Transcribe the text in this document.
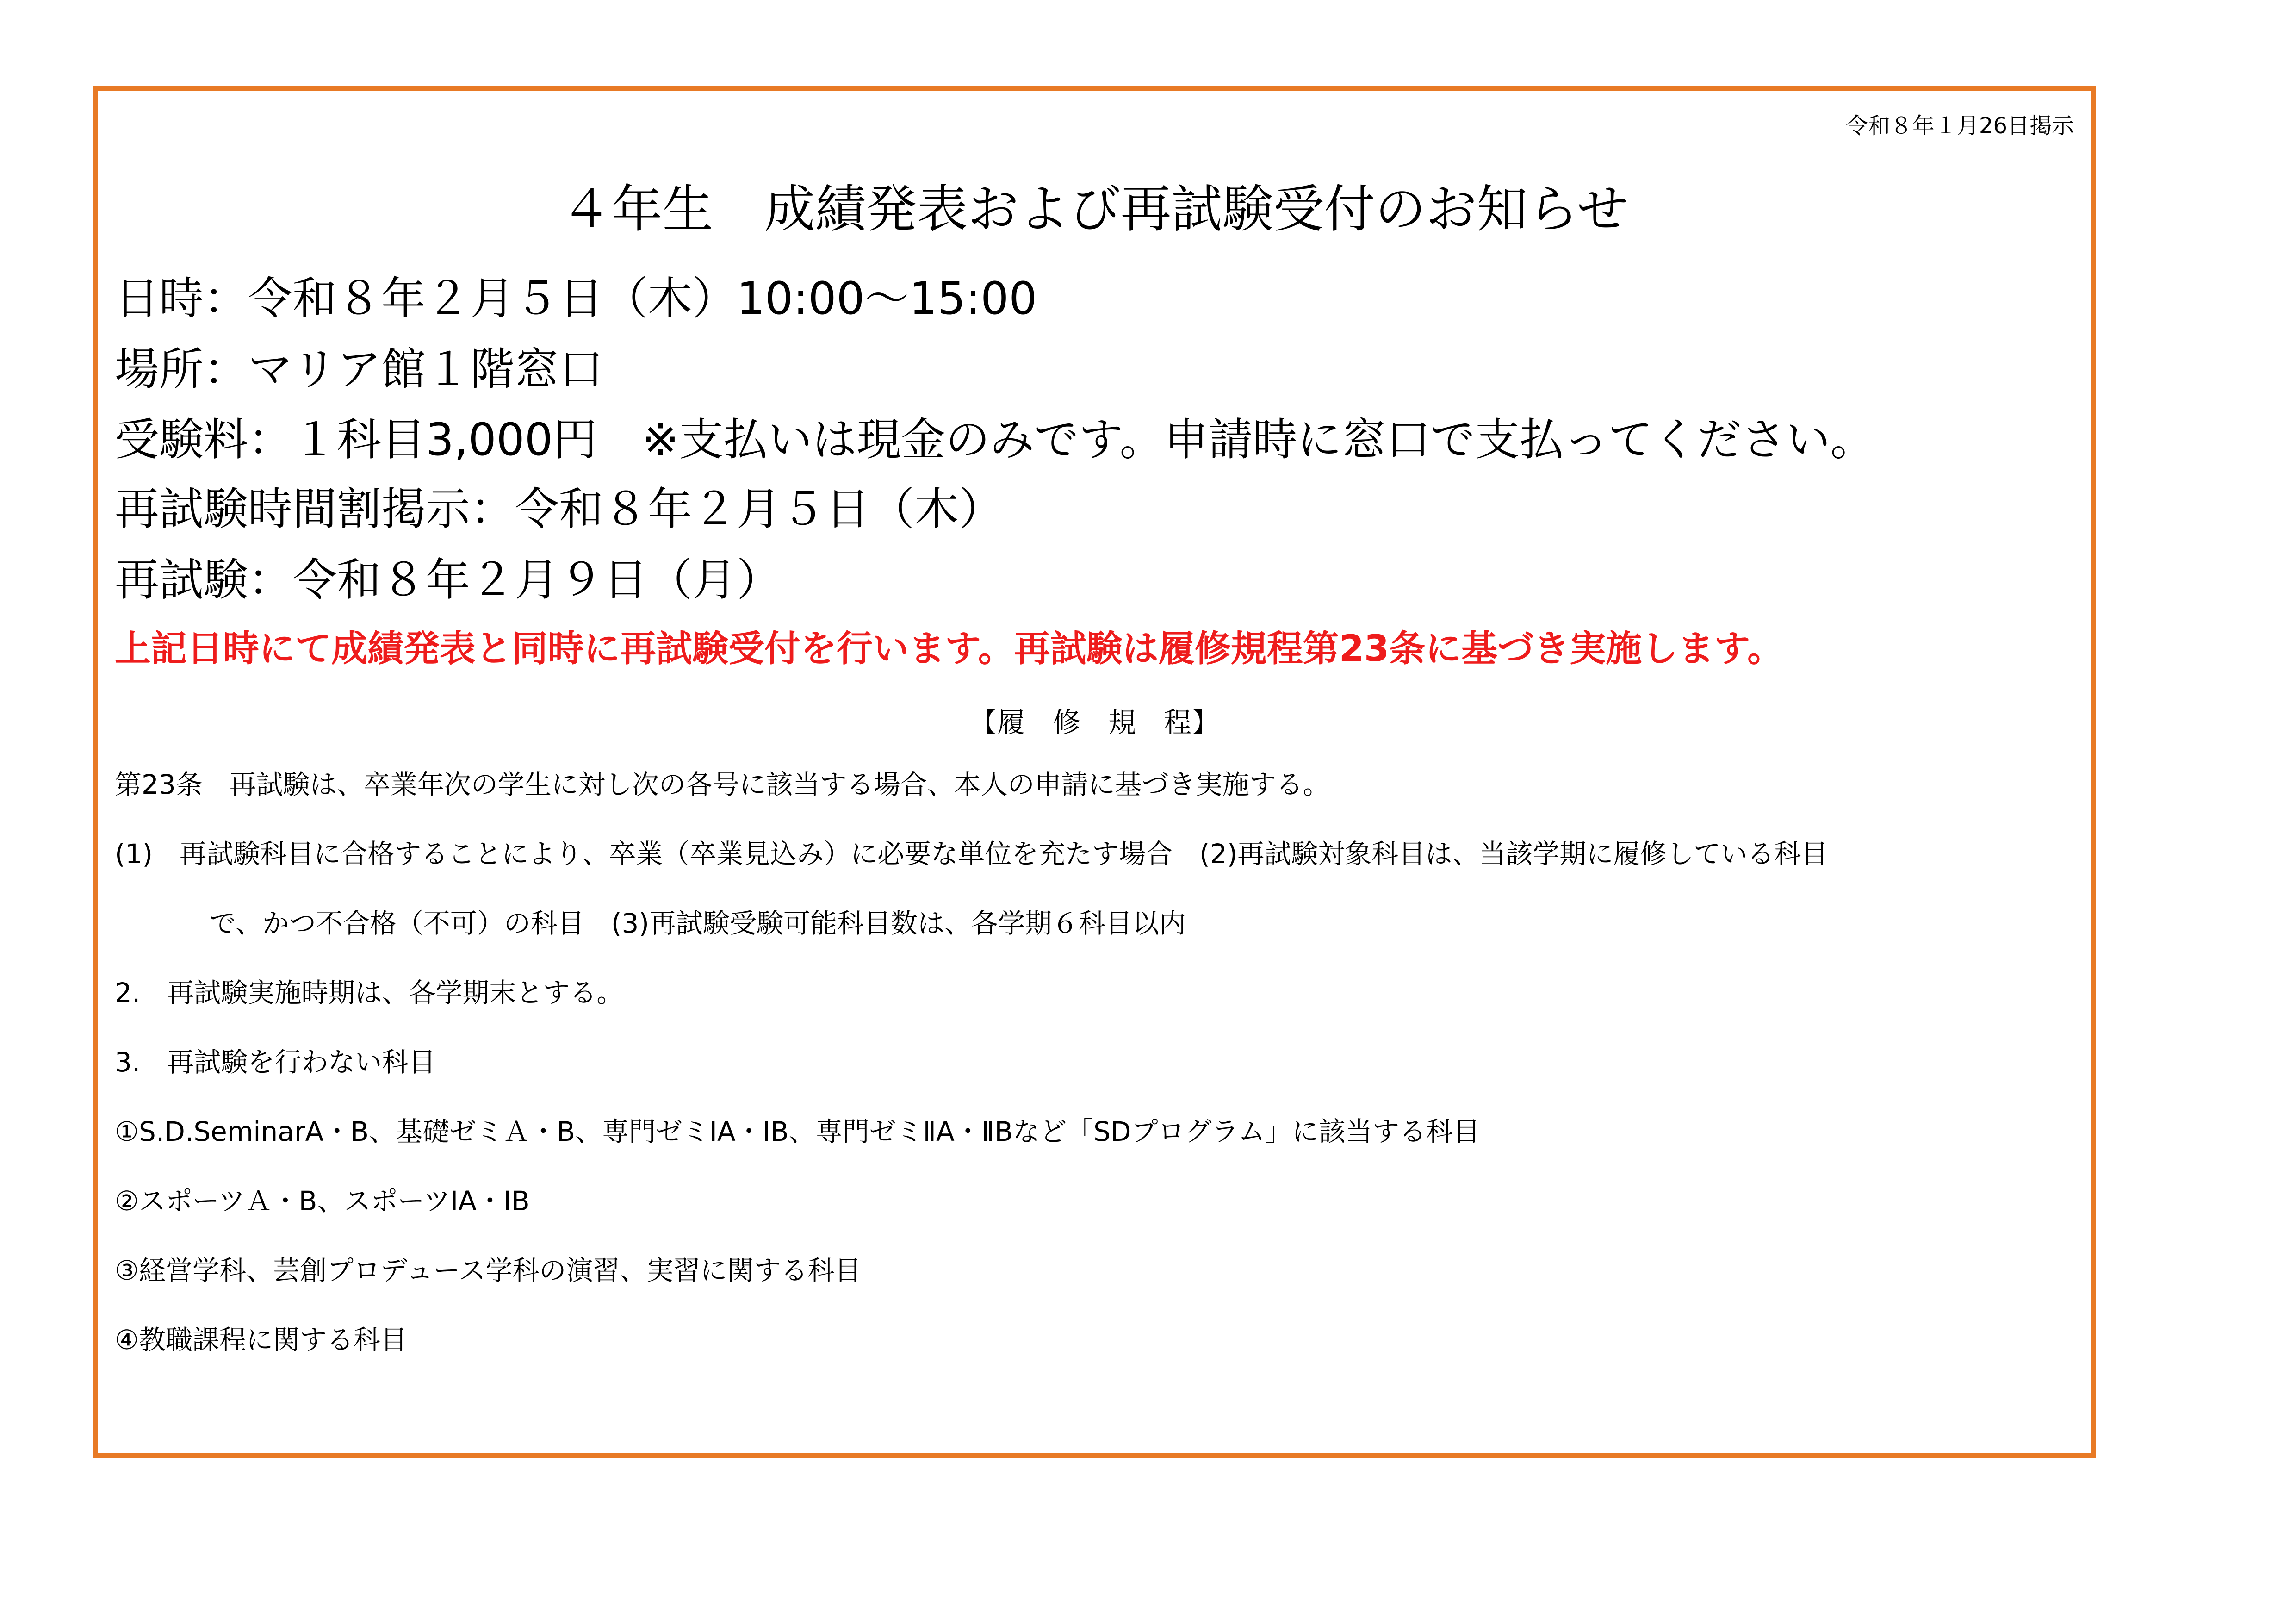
令和８年１月26日掲示
４年生　成績発表および再試験受付のお知らせ
日時：令和８年２月５日（木）10:00～15:00
場所：マリア館１階窓口
受験料：１科目3,000円　※支払いは現金のみです。申請時に窓口で支払ってください。
再試験時間割掲示：令和８年２月５日（木）
再試験：令和８年２月９日（月）
上記日時にて成績発表と同時に再試験受付を行います。再試験は履修規程第23条に基づき実施します。
【履　修　規　程】
第23条　再試験は、卒業年次の学生に対し次の各号に該当する場合、本人の申請に基づき実施する。
(1)　再試験科目に合格することにより、卒業（卒業見込み）に必要な単位を充たす場合　(2)再試験対象科目は、当該学期に履修している科目
で、かつ不合格（不可）の科目　(3)再試験受験可能科目数は、各学期６科目以内
2.　再試験実施時期は、各学期末とする。
3.　再試験を行わない科目
①S.D.SeminarA・B、基礎ゼミＡ・B、専門ゼミⅠA・ⅠB、専門ゼミⅡA・ⅡBなど「SDプログラム」に該当する科目
②スポーツＡ・B、スポーツⅠA・ⅠB
③経営学科、芸創プロデュース学科の演習、実習に関する科目
④教職課程に関する科目
